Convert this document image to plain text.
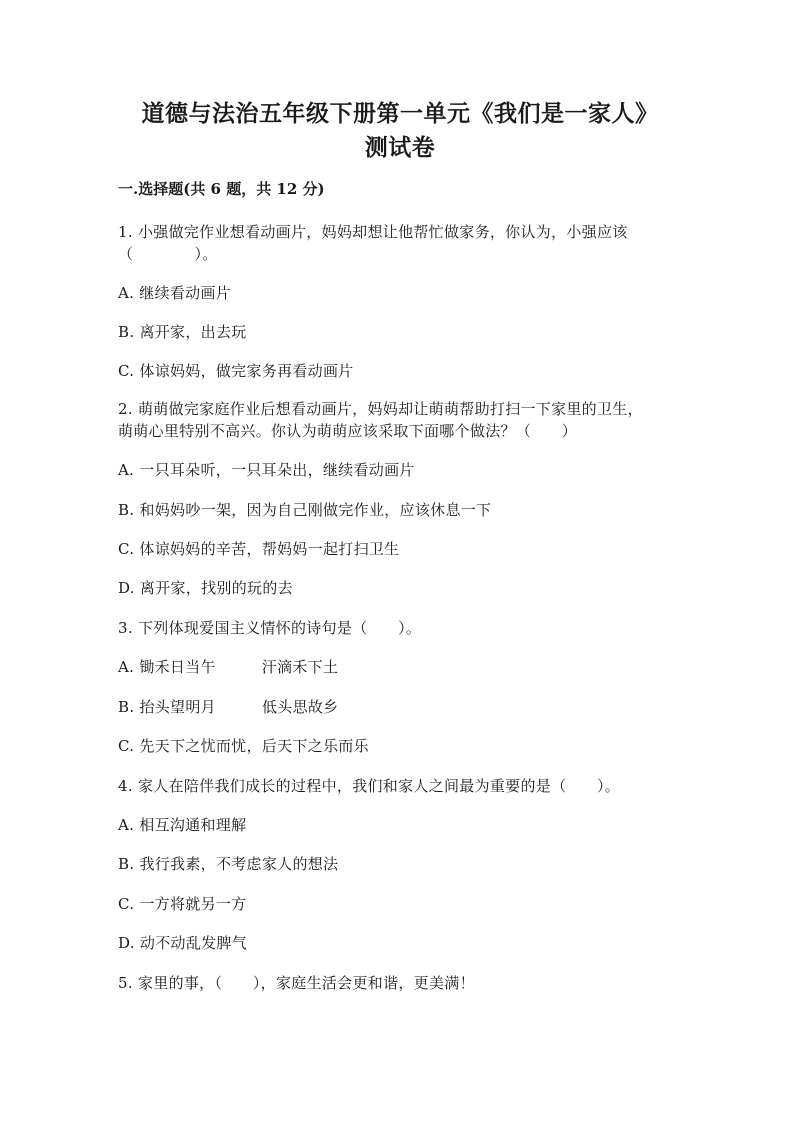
道德与法治五年级下册第一单元《我们是一家人》
测试卷
一.选择题(共 6 题，共 12 分)
1. 小强做完作业想看动画片，妈妈却想让他帮忙做家务，你认为，小强应该
（　　　　）。
A. 继续看动画片
B. 离开家，出去玩
C. 体谅妈妈，做完家务再看动画片
2. 萌萌做完家庭作业后想看动画片，妈妈却让萌萌帮助打扫一下家里的卫生，
萌萌心里特别不高兴。你认为萌萌应该采取下面哪个做法？（　　）
A. 一只耳朵听，一只耳朵出，继续看动画片
B. 和妈妈吵一架，因为自己刚做完作业，应该休息一下
C. 体谅妈妈的辛苦，帮妈妈一起打扫卫生
D. 离开家，找别的玩的去
3. 下列体现爱国主义情怀的诗句是（　　）。
A. 锄禾日当午	汗滴禾下土
B. 抬头望明月	低头思故乡
C. 先天下之忧而忧，后天下之乐而乐
4. 家人在陪伴我们成长的过程中，我们和家人之间最为重要的是（　　）。
A. 相互沟通和理解
B. 我行我素，不考虑家人的想法
C. 一方将就另一方
D. 动不动乱发脾气
5. 家里的事，（　　），家庭生活会更和谐，更美满！
